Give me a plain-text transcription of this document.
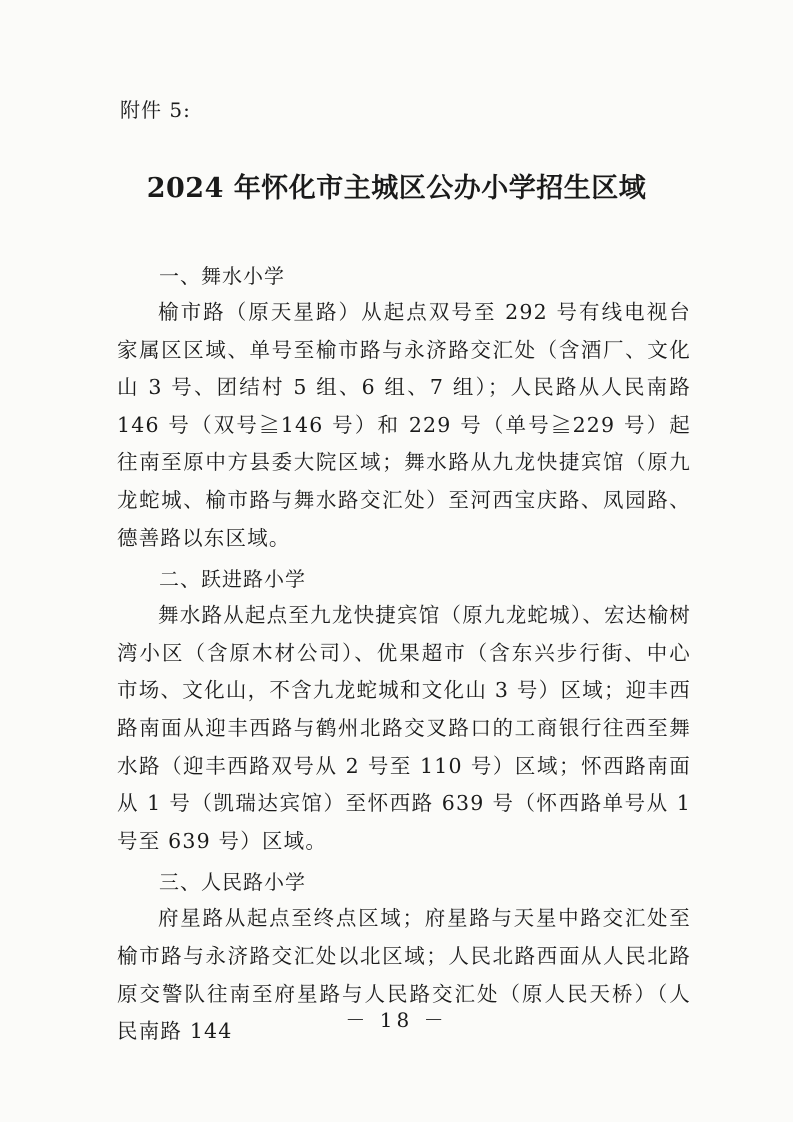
附件 5:
2024 年怀化市主城区公办小学招生区域
一、舞水小学

榆市路（原天星路）从起点双号至 292 号有线电视台家属区区域、单号至榆市路与永济路交汇处（含酒厂、文化山 3 号、团结村 5 组、6 组、7 组）；人民路从人民南路 146 号（双号≧146 号）和 229 号（单号≧229 号）起往南至原中方县委大院区域；舞水路从九龙快捷宾馆（原九龙蛇城、榆市路与舞水路交汇处）至河西宝庆路、凤园路、德善路以东区域。

二、跃进路小学

舞水路从起点至九龙快捷宾馆（原九龙蛇城）、宏达榆树湾小区（含原木材公司）、优果超市（含东兴步行街、中心市场、文化山，不含九龙蛇城和文化山 3 号）区域；迎丰西路南面从迎丰西路与鹤州北路交叉路口的工商银行往西至舞水路（迎丰西路双号从 2 号至 110 号）区域；怀西路南面从 1 号（凯瑞达宾馆）至怀西路 639 号（怀西路单号从 1 号至 639 号）区域。

三、人民路小学

府星路从起点至终点区域；府星路与天星中路交汇处至榆市路与永济路交汇处以北区域；人民北路西面从人民北路原交警队往南至府星路与人民路交汇处（原人民天桥）（人民南路 144	－ 18 －
